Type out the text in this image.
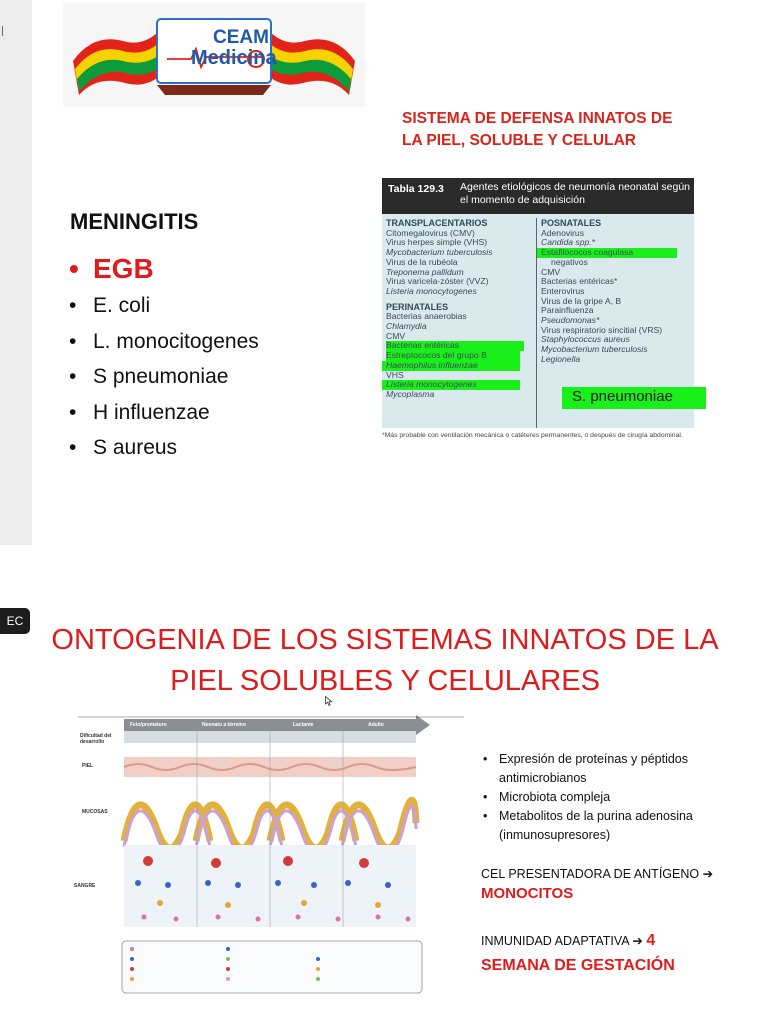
EC
CEAM
Medicina
SISTEMA DE DEFENSA INNATOS DE
LA PIEL, SOLUBLE Y CELULAR
MENINGITIS
• EGB
• E. coli
• L. monocitogenes
• S pneumoniae
• H influenzae
• S aureus
Tabla 129.3 Agentes etiológicos de neumonía neonatal según el momento de adquisición
TRANSPLACENTARIOS
Citomegalovirus (CMV)
Virus herpes simple (VHS)
Mycobacterium tuberculosis
Virus de la rubéola
Treponema pallidum
Virus varicela-zóster (VVZ)
Listeria monocytogenes
PERINATALES
Bacterias anaerobias
Chlamydia
CMV
Bacterias entéricas
Estreptococos del grupo B
Haemophilus influenzae
VHS
Listeria monocytogenes
Mycoplasma
POSNATALES
Adenovirus
Candida spp.*
Estafilococos coagulasa
negativos
CMV
Bacterias entéricas*
Enterovirus
Virus de la gripe A, B
Parainfluenza
Pseudomonas*
Virus respiratorio sincitial (VRS)
Staphylococcus aureus
Mycobacterium tuberculosis
Legionella
S. pneumoniae
*Más probable con ventilación mecánica o catéteres permanentes, o después de cirugía abdominal.
ONTOGENIA DE LOS SISTEMAS INNATOS DE LA
PIEL SOLUBLES Y CELULARES
Feto/prematuro	Neonato a término	Lactante	Adulto
Dificultad del desarrollo
PIEL
MUCOSAS
SANGRE
• Expresión de proteínas y péptidos antimicrobianos
• Microbiota compleja
• Metabolitos de la purina adenosina (inmunosupresores)
CEL PRESENTADORA DE ANTÍGENO ➔
MONOCITOS
INMUNIDAD ADAPTATIVA ➔ 4
SEMANA DE GESTACIÓN
